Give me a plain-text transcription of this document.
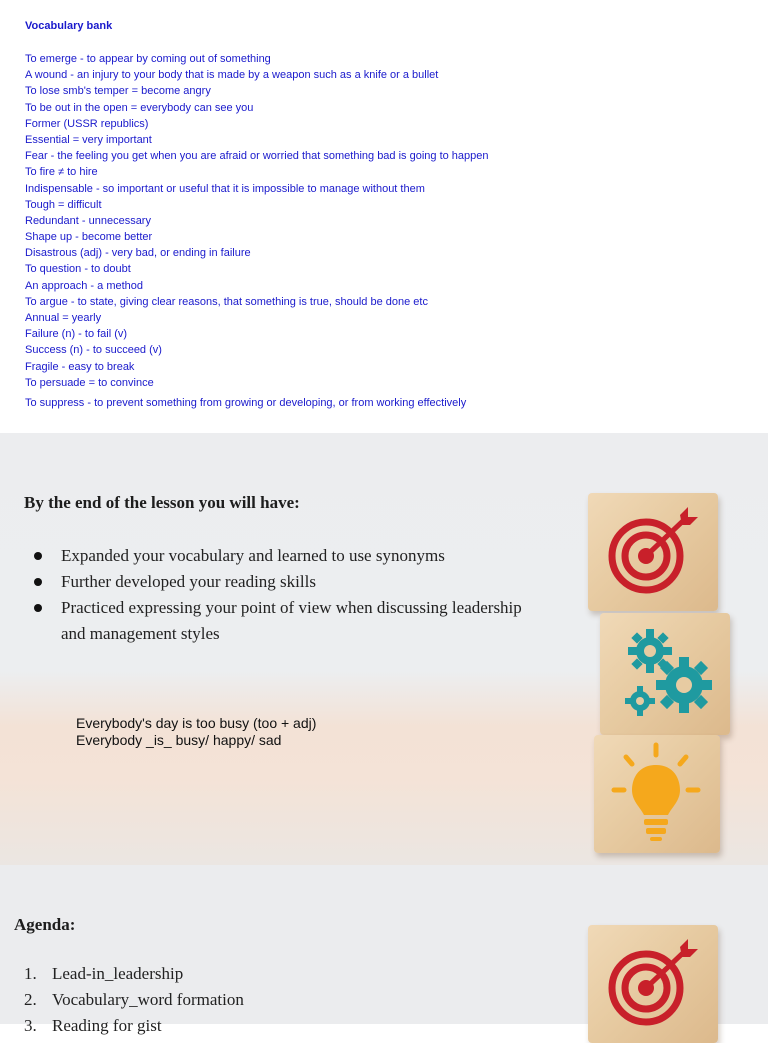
Vocabulary bank
To emerge - to appear by coming out of something
A wound - an injury to your body that is made by a weapon such as a knife or a bullet
To lose smb's temper = become angry
To be out in the open = everybody can see you
Former (USSR republics)
Essential = very important
Fear - the feeling you get when you are afraid or worried that something bad is going to happen
To fire ≠ to hire
Indispensable - so important or useful that it is impossible to manage without them
Tough = difficult
Redundant - unnecessary
Shape up - become better
Disastrous (adj) - very bad, or ending in failure
To question - to doubt
An approach - a method
To argue - to state, giving clear reasons, that something is true, should be done etc
Annual = yearly
Failure (n) - to fail (v)
Success (n) - to succeed (v)
Fragile - easy to break
To persuade = to convince
To suppress - to prevent something from growing or developing, or from working effectively
By the end of the lesson you will have:
Expanded your vocabulary and learned to use synonyms
Further developed your reading skills
Practiced expressing your point of view when discussing leadership and management styles
Everybody's day is too busy (too + adj)
Everybody _is_ busy/ happy/ sad
Agenda:
1. Lead-in_leadership
2. Vocabulary_word formation
3. Reading for gist
